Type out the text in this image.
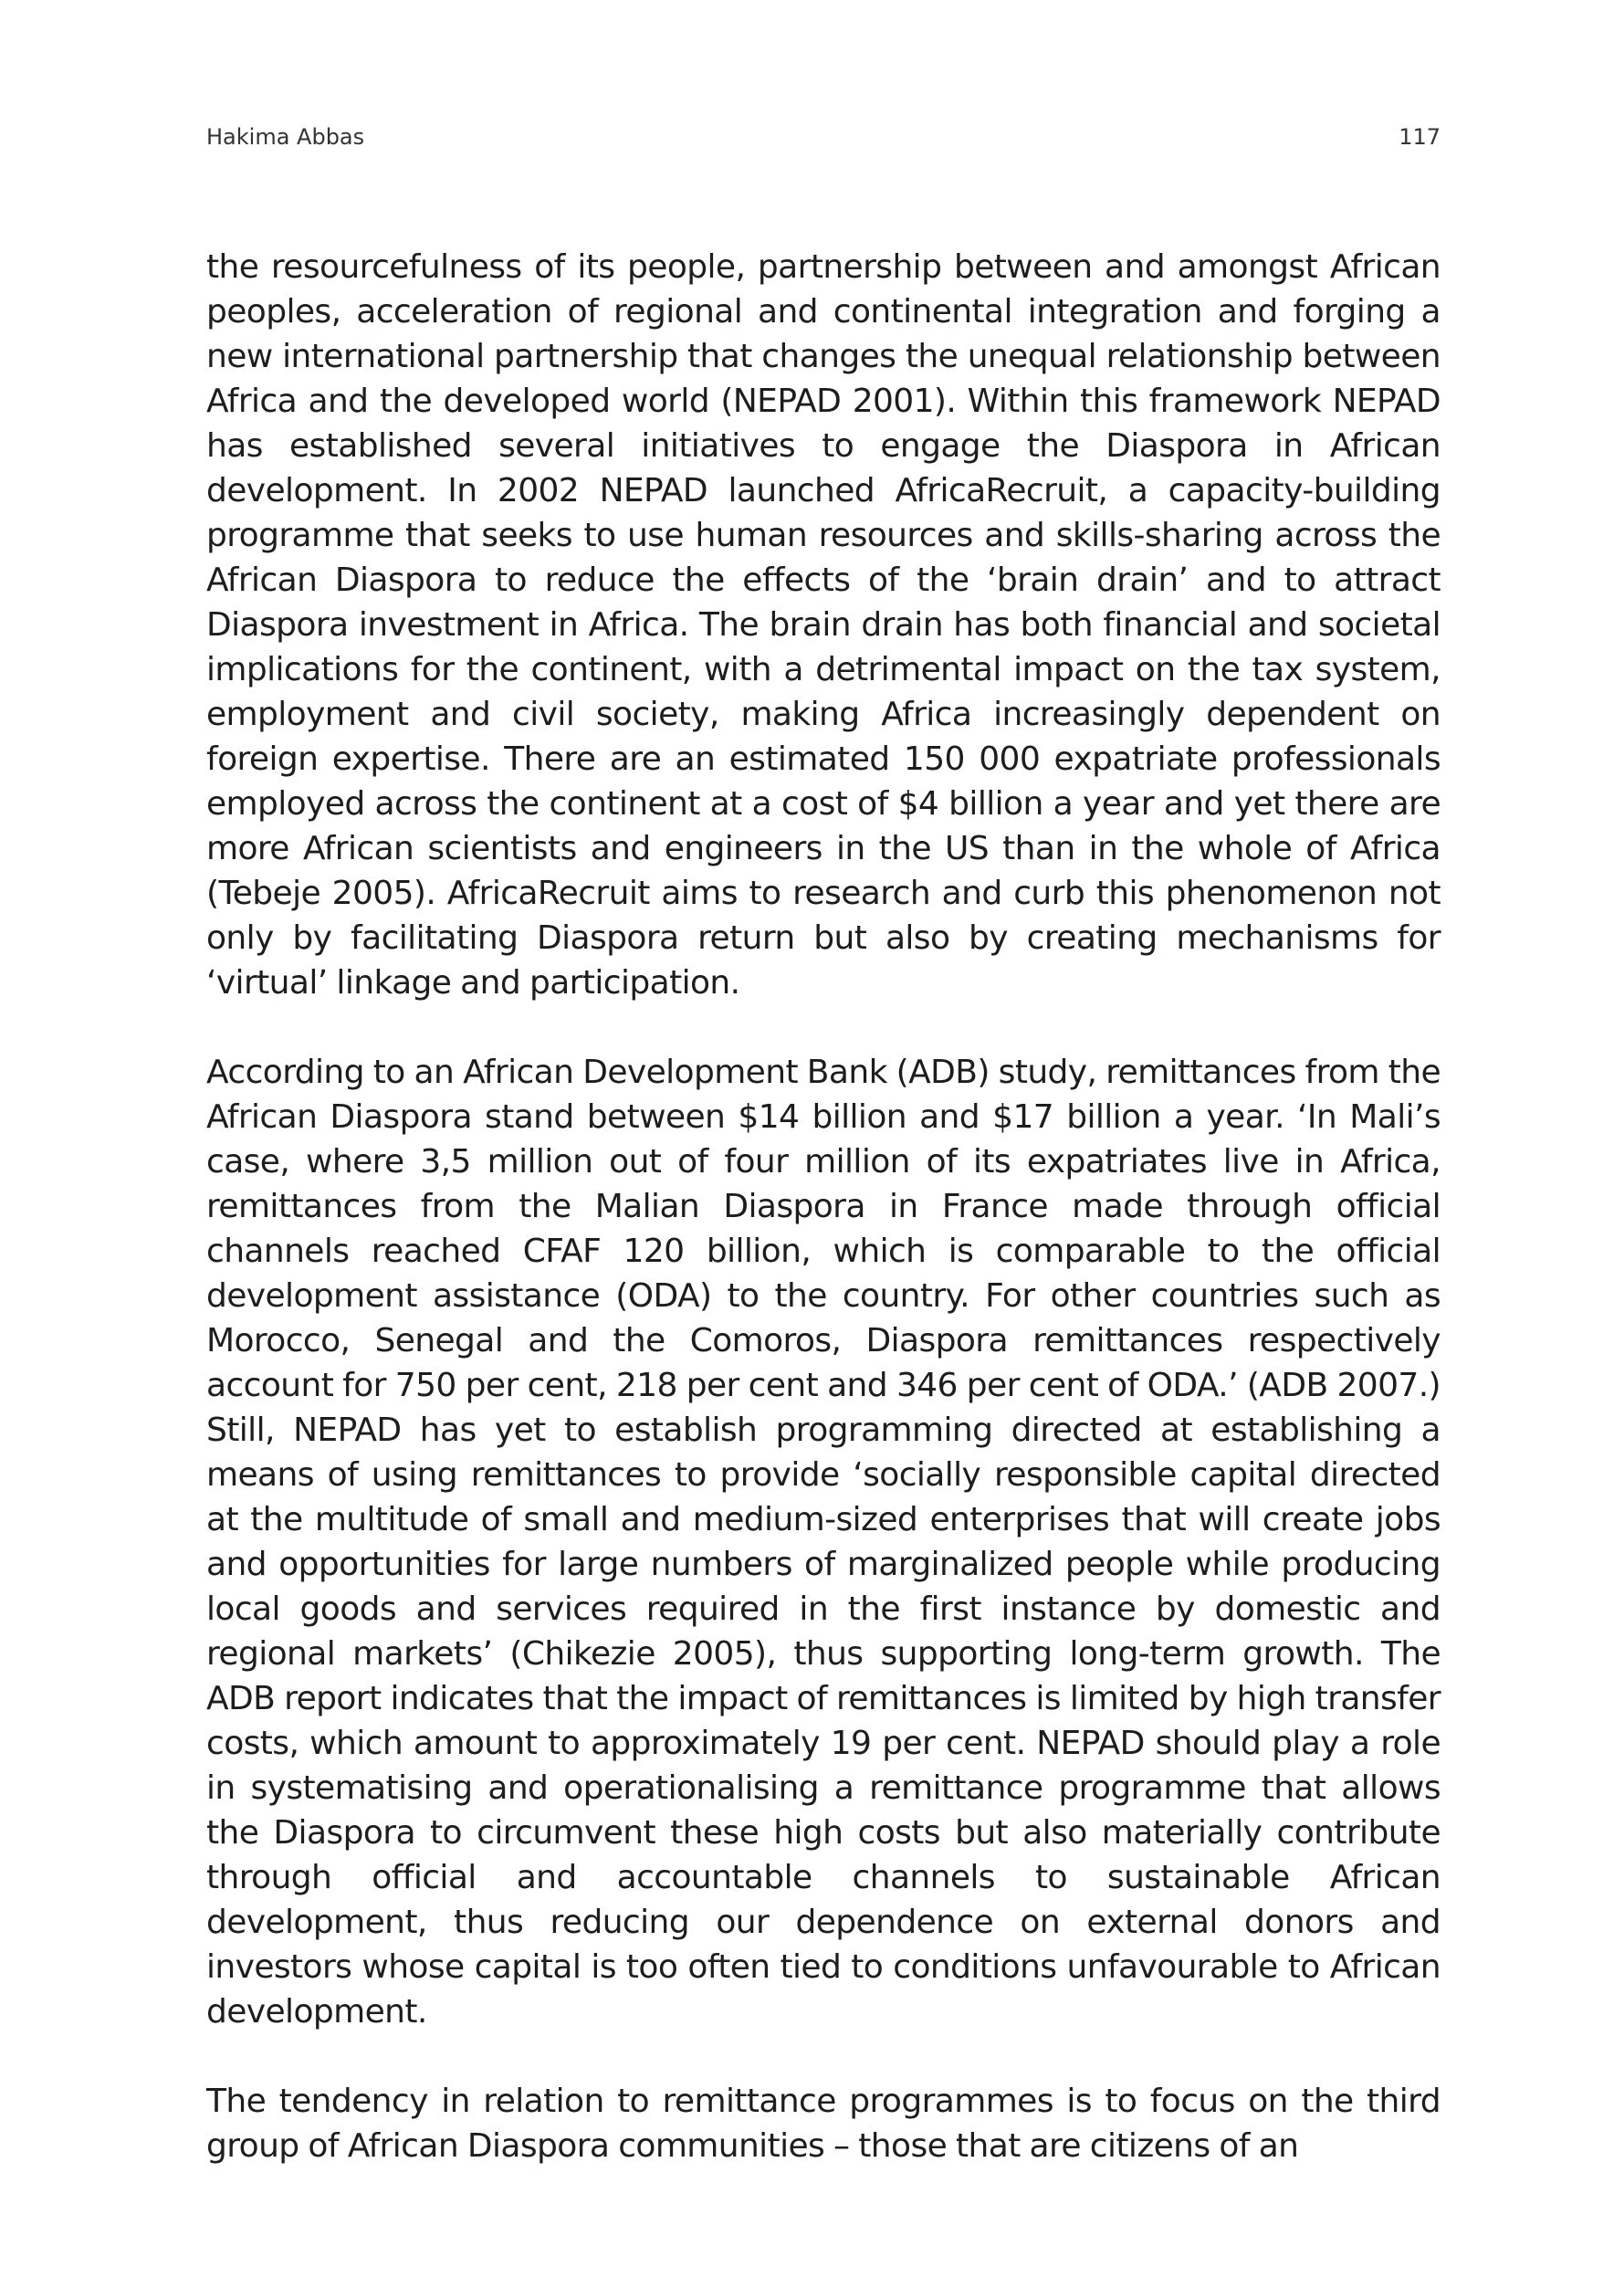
Hakima Abbas	117

the resourcefulness of its people, partnership between and amongst African peoples, acceleration of regional and continental integration and forging a new international partnership that changes the unequal relationship between Africa and the developed world (NEPAD 2001). Within this framework NEPAD has established several initiatives to engage the Diaspora in African development. In 2002 NEPAD launched AfricaRecruit, a capacity-building programme that seeks to use human resources and skills-sharing across the African Diaspora to reduce the effects of the ‘brain drain’ and to attract Diaspora investment in Africa. The brain drain has both financial and societal implications for the continent, with a detrimental impact on the tax system, employment and civil society, making Africa increasingly dependent on foreign expertise. There are an estimated 150 000 expatriate professionals employed across the continent at a cost of $4 billion a year and yet there are more African scientists and engineers in the US than in the whole of Africa (Tebeje 2005). AfricaRecruit aims to research and curb this phenomenon not only by facilitating Diaspora return but also by creating mechanisms for ‘virtual’ linkage and participation.

According to an African Development Bank (ADB) study, remittances from the African Diaspora stand between $14 billion and $17 billion a year. ‘In Mali’s case, where 3,5 million out of four million of its expatriates live in Africa, remittances from the Malian Diaspora in France made through official channels reached CFAF 120 billion, which is comparable to the official development assistance (ODA) to the country. For other countries such as Morocco, Senegal and the Comoros, Diaspora remittances respectively account for 750 per cent, 218 per cent and 346 per cent of ODA.’ (ADB 2007.) Still, NEPAD has yet to establish programming directed at establishing a means of using remittances to provide ‘socially responsible capital directed at the multitude of small and medium-sized enterprises that will create jobs and opportunities for large numbers of marginalized people while producing local goods and services required in the first instance by domestic and regional markets’ (Chikezie 2005), thus supporting long-term growth. The ADB report indicates that the impact of remittances is limited by high transfer costs, which amount to approximately 19 per cent. NEPAD should play a role in systematising and operationalising a remittance programme that allows the Diaspora to circumvent these high costs but also materially contribute through official and accountable channels to sustainable African development, thus reducing our dependence on external donors and investors whose capital is too often tied to conditions unfavourable to African development.

The tendency in relation to remittance programmes is to focus on the third group of African Diaspora communities – those that are citizens of an
